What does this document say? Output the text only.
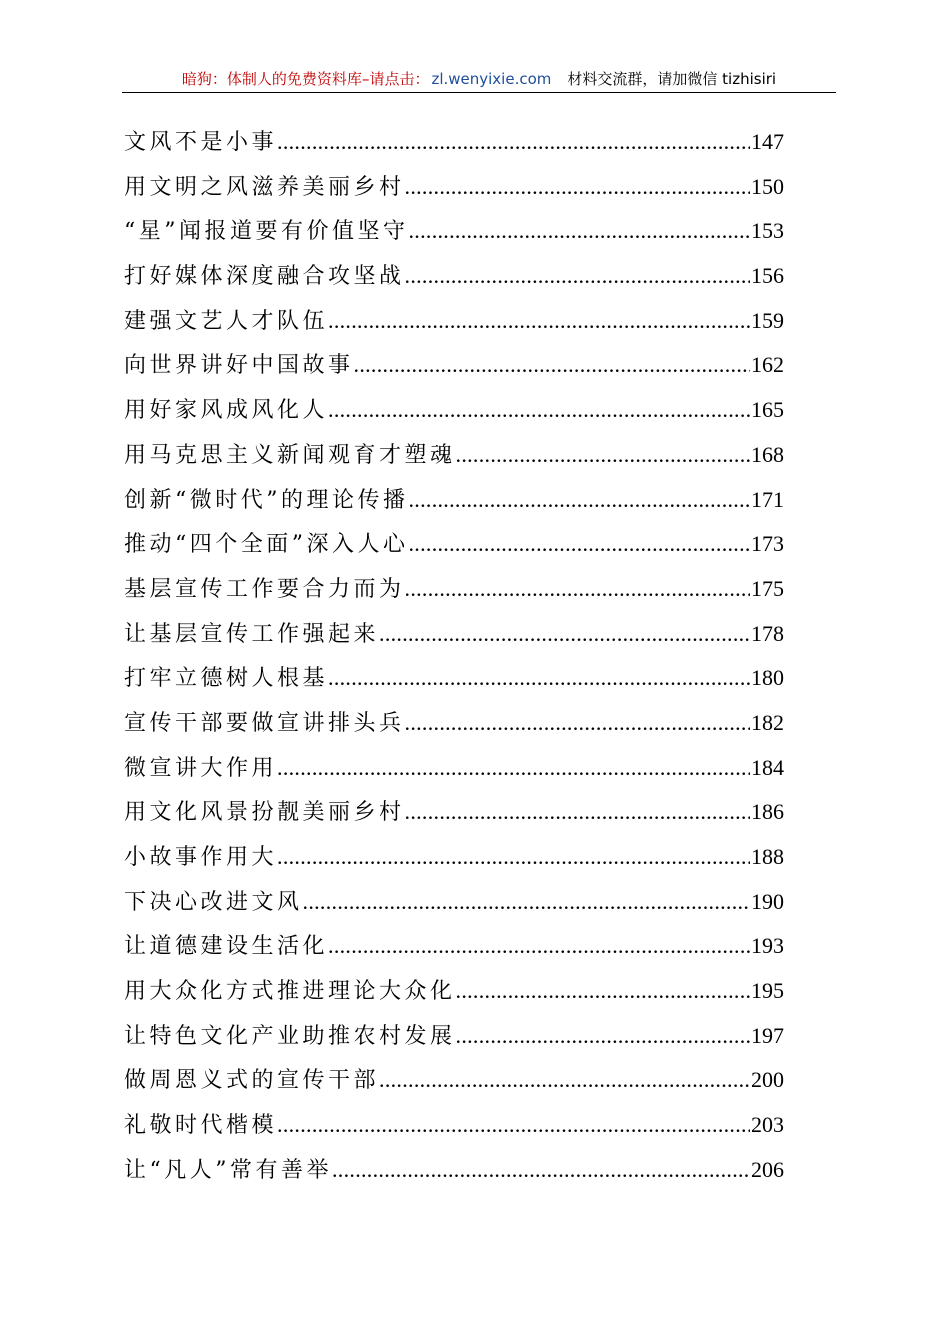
暗狗：体制人的免费资料库–请点击： zl.wenyixie.com 材料交流群，请加微信 tizhisiri
文风不是小事 .....	147
用文明之风滋养美丽乡村 .....	150
“星”闻报道要有价值坚守 .....	153
打好媒体深度融合攻坚战 .....	156
建强文艺人才队伍 .....	159
向世界讲好中国故事 .....	162
用好家风成风化人 .....	165
用马克思主义新闻观育才塑魂 .....	168
创新“微时代”的理论传播 .....	171
推动“四个全面”深入人心 .....	173
基层宣传工作要合力而为 .....	175
让基层宣传工作强起来 .....	178
打牢立德树人根基 .....	180
宣传干部要做宣讲排头兵 .....	182
微宣讲大作用 .....	184
用文化风景扮靓美丽乡村 .....	186
小故事作用大 .....	188
下决心改进文风 .....	190
让道德建设生活化 .....	193
用大众化方式推进理论大众化 .....	195
让特色文化产业助推农村发展 .....	197
做周恩义式的宣传干部 .....	200
礼敬时代楷模 .....	203
让“凡人”常有善举 .....	206
